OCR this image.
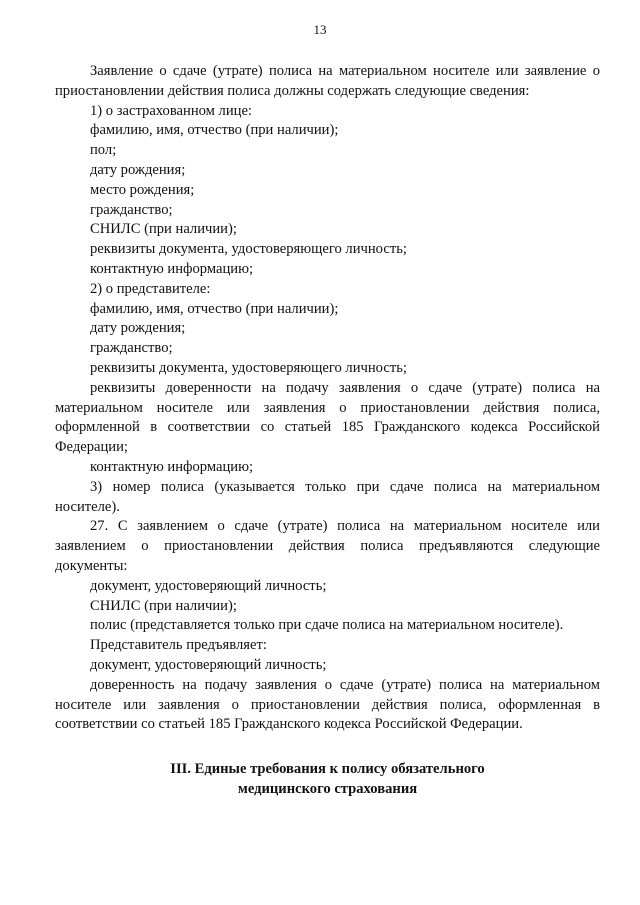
13

Заявление о сдаче (утрате) полиса на материальном носителе или заявление о приостановлении действия полиса должны содержать следующие сведения:

1) о застрахованном лице:

фамилию, имя, отчество (при наличии);

пол;

дату рождения;

место рождения;

гражданство;

СНИЛС (при наличии);

реквизиты документа, удостоверяющего личность;

контактную информацию;

2) о представителе:

фамилию, имя, отчество (при наличии);

дату рождения;

гражданство;

реквизиты документа, удостоверяющего личность;

реквизиты доверенности на подачу заявления о сдаче (утрате) полиса на материальном носителе или заявления о приостановлении действия полиса, оформленной в соответствии со статьей 185 Гражданского кодекса Российской Федерации;

контактную информацию;

3) номер полиса (указывается только при сдаче полиса на материальном носителе).

27. С заявлением о сдаче (утрате) полиса на материальном носителе или заявлением о приостановлении действия полиса предъявляются следующие документы:

документ, удостоверяющий личность;

СНИЛС (при наличии);

полис (представляется только при сдаче полиса на материальном носителе).

Представитель предъявляет:

документ, удостоверяющий личность;

доверенность на подачу заявления о сдаче (утрате) полиса на материальном носителе или заявления о приостановлении действия полиса, оформленная в соответствии со статьей 185 Гражданского кодекса Российской Федерации.

III. Единые требования к полису обязательного
медицинского страхования
